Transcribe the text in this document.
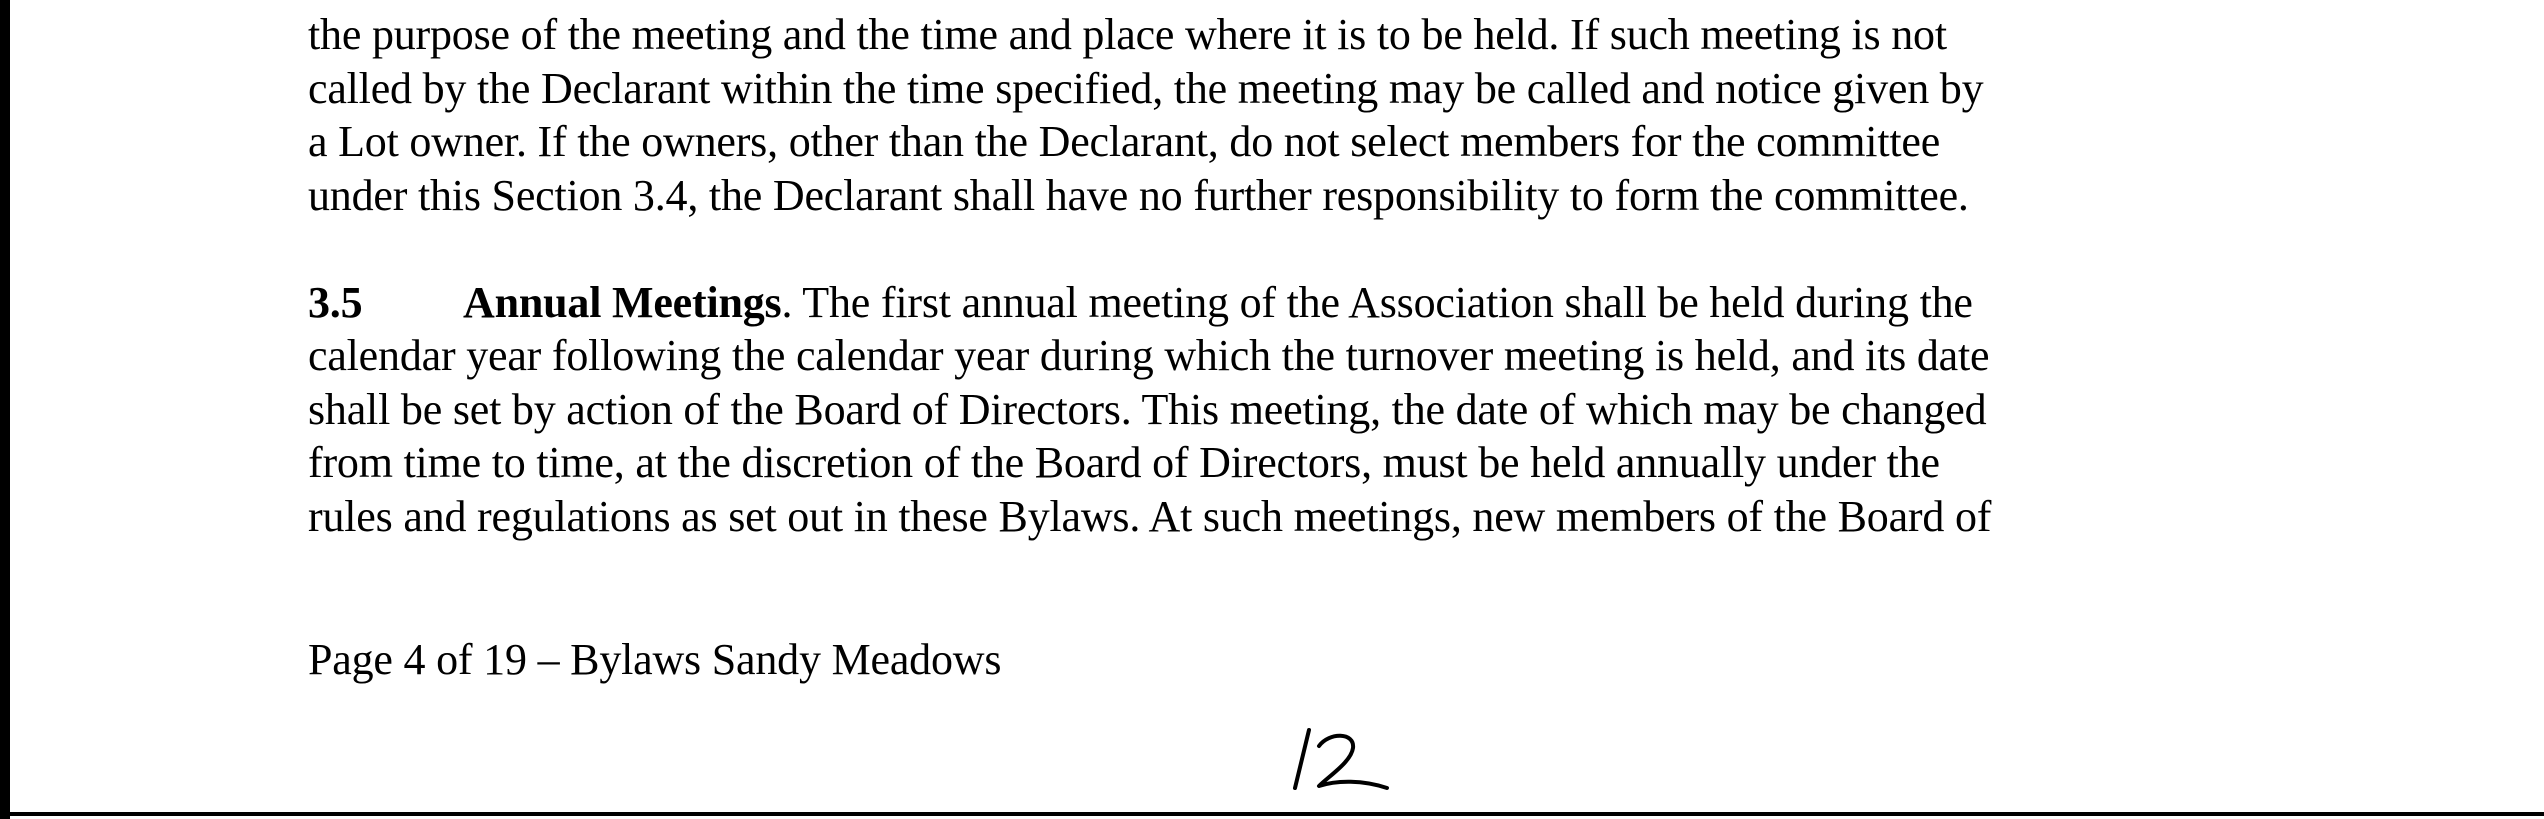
the purpose of the meeting and the time and place where it is to be held. If such meeting is not
called by the Declarant within the time specified, the meeting may be called and notice given by
a Lot owner. If the owners, other than the Declarant, do not select members for the committee
under this Section 3.4, the Declarant shall have no further responsibility to form the committee.
3.5 Annual Meetings. The first annual meeting of the Association shall be held during the
calendar year following the calendar year during which the turnover meeting is held, and its date
shall be set by action of the Board of Directors. This meeting, the date of which may be changed
from time to time, at the discretion of the Board of Directors, must be held annually under the
rules and regulations as set out in these Bylaws. At such meetings, new members of the Board of
Page 4 of 19 – Bylaws Sandy Meadows
